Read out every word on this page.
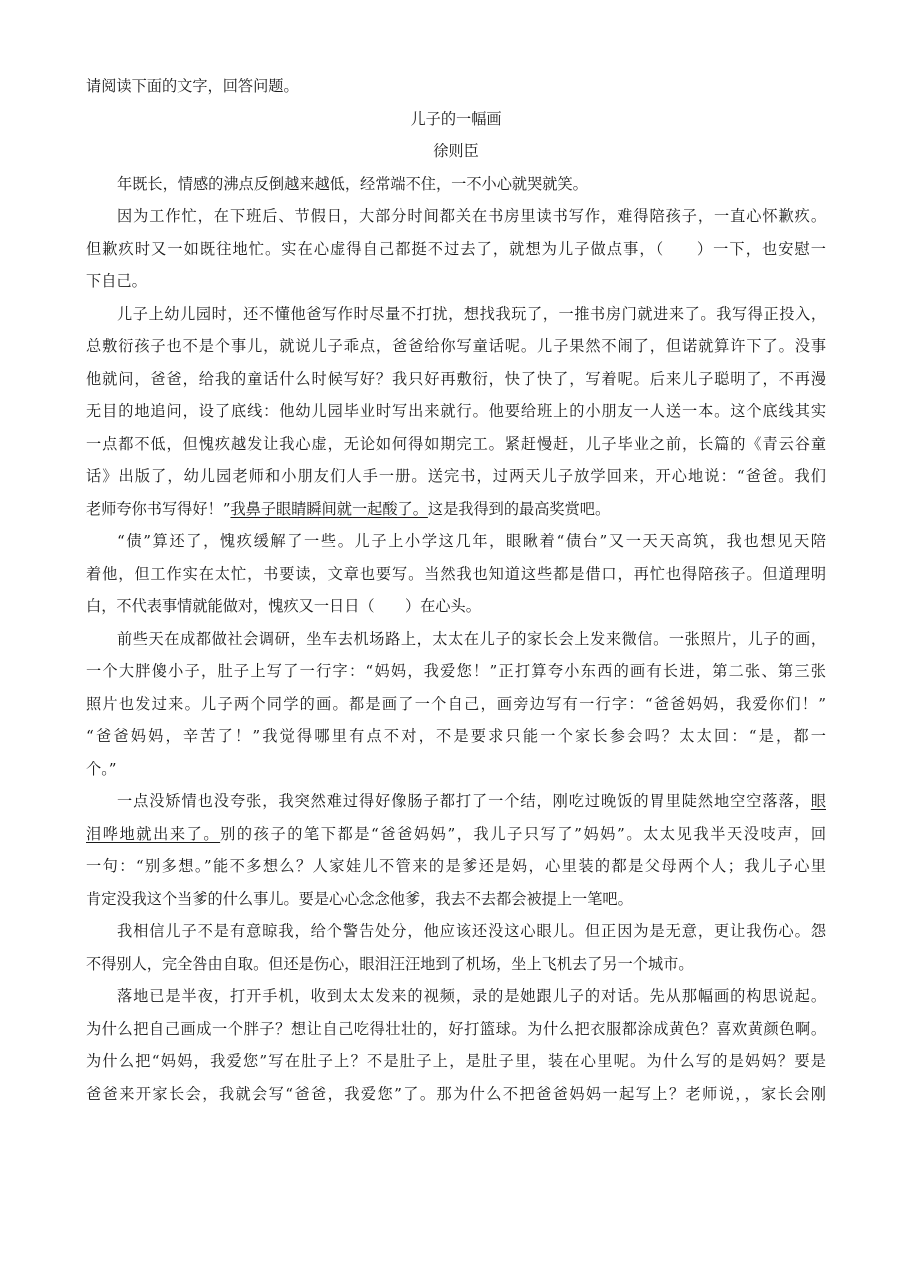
请阅读下面的文字，回答问题。
儿子的一幅画
徐则臣
年既长，情感的沸点反倒越来越低，经常端不住，一不小心就哭就笑。
因为工作忙，在下班后、节假日，大部分时间都关在书房里读书写作，难得陪孩子，一直心怀歉疚。
但歉疚时又一如既往地忙。实在心虚得自己都挺不过去了，就想为儿子做点事，（　　）一下，也安慰一
下自己。
儿子上幼儿园时，还不懂他爸写作时尽量不打扰，想找我玩了，一推书房门就进来了。我写得正投入，
总敷衍孩子也不是个事儿，就说儿子乖点，爸爸给你写童话呢。儿子果然不闹了，但诺就算许下了。没事
他就问，爸爸，给我的童话什么时候写好？我只好再敷衍，快了快了，写着呢。后来儿子聪明了，不再漫
无目的地追问，设了底线：他幼儿园毕业时写出来就行。他要给班上的小朋友一人送一本。这个底线其实
一点都不低，但愧疚越发让我心虚，无论如何得如期完工。紧赶慢赶，儿子毕业之前，长篇的《青云谷童
话》出版了，幼儿园老师和小朋友们人手一册。送完书，过两天儿子放学回来，开心地说：“爸爸。我们
老师夸你书写得好！”我鼻子眼睛瞬间就一起酸了。这是我得到的最高奖赏吧。
“债”算还了，愧疚缓解了一些。儿子上小学这几年，眼瞅着“债台”又一天天高筑，我也想见天陪
着他，但工作实在太忙，书要读，文章也要写。当然我也知道这些都是借口，再忙也得陪孩子。但道理明
白，不代表事情就能做对，愧疚又一日日（　　）在心头。
前些天在成都做社会调研，坐车去机场路上，太太在儿子的家长会上发来微信。一张照片，儿子的画，
一个大胖傻小子，肚子上写了一行字：“妈妈，我爱您！”正打算夸小东西的画有长进，第二张、第三张
照片也发过来。儿子两个同学的画。都是画了一个自己，画旁边写有一行字：“爸爸妈妈，我爱你们！”
“爸爸妈妈，辛苦了！”我觉得哪里有点不对，不是要求只能一个家长参会吗？太太回：“是，都一
个。”
一点没矫情也没夸张，我突然难过得好像肠子都打了一个结，刚吃过晚饭的胃里陡然地空空落落，眼
泪哗地就出来了。别的孩子的笔下都是“爸爸妈妈”，我儿子只写了”妈妈”。太太见我半天没吱声，回
一句：“别多想。”能不多想么？人家娃儿不管来的是爹还是妈，心里装的都是父母两个人；我儿子心里
肯定没我这个当爹的什么事儿。要是心心念念他爹，我去不去都会被提上一笔吧。
我相信儿子不是有意晾我，给个警告处分，他应该还没这心眼儿。但正因为是无意，更让我伤心。怨
不得别人，完全咎由自取。但还是伤心，眼泪汪汪地到了机场，坐上飞机去了另一个城市。
落地已是半夜，打开手机，收到太太发来的视频，录的是她跟儿子的对话。先从那幅画的构思说起。
为什么把自己画成一个胖子？想让自己吃得壮壮的，好打篮球。为什么把衣服都涂成黄色？喜欢黄颜色啊。
为什么把“妈妈，我爱您”写在肚子上？不是肚子上，是肚子里，装在心里呢。为什么写的是妈妈？要是
爸爸来开家长会，我就会写“爸爸，我爱您”了。那为什么不把爸爸妈妈一起写上？老师说，，家长会刚
